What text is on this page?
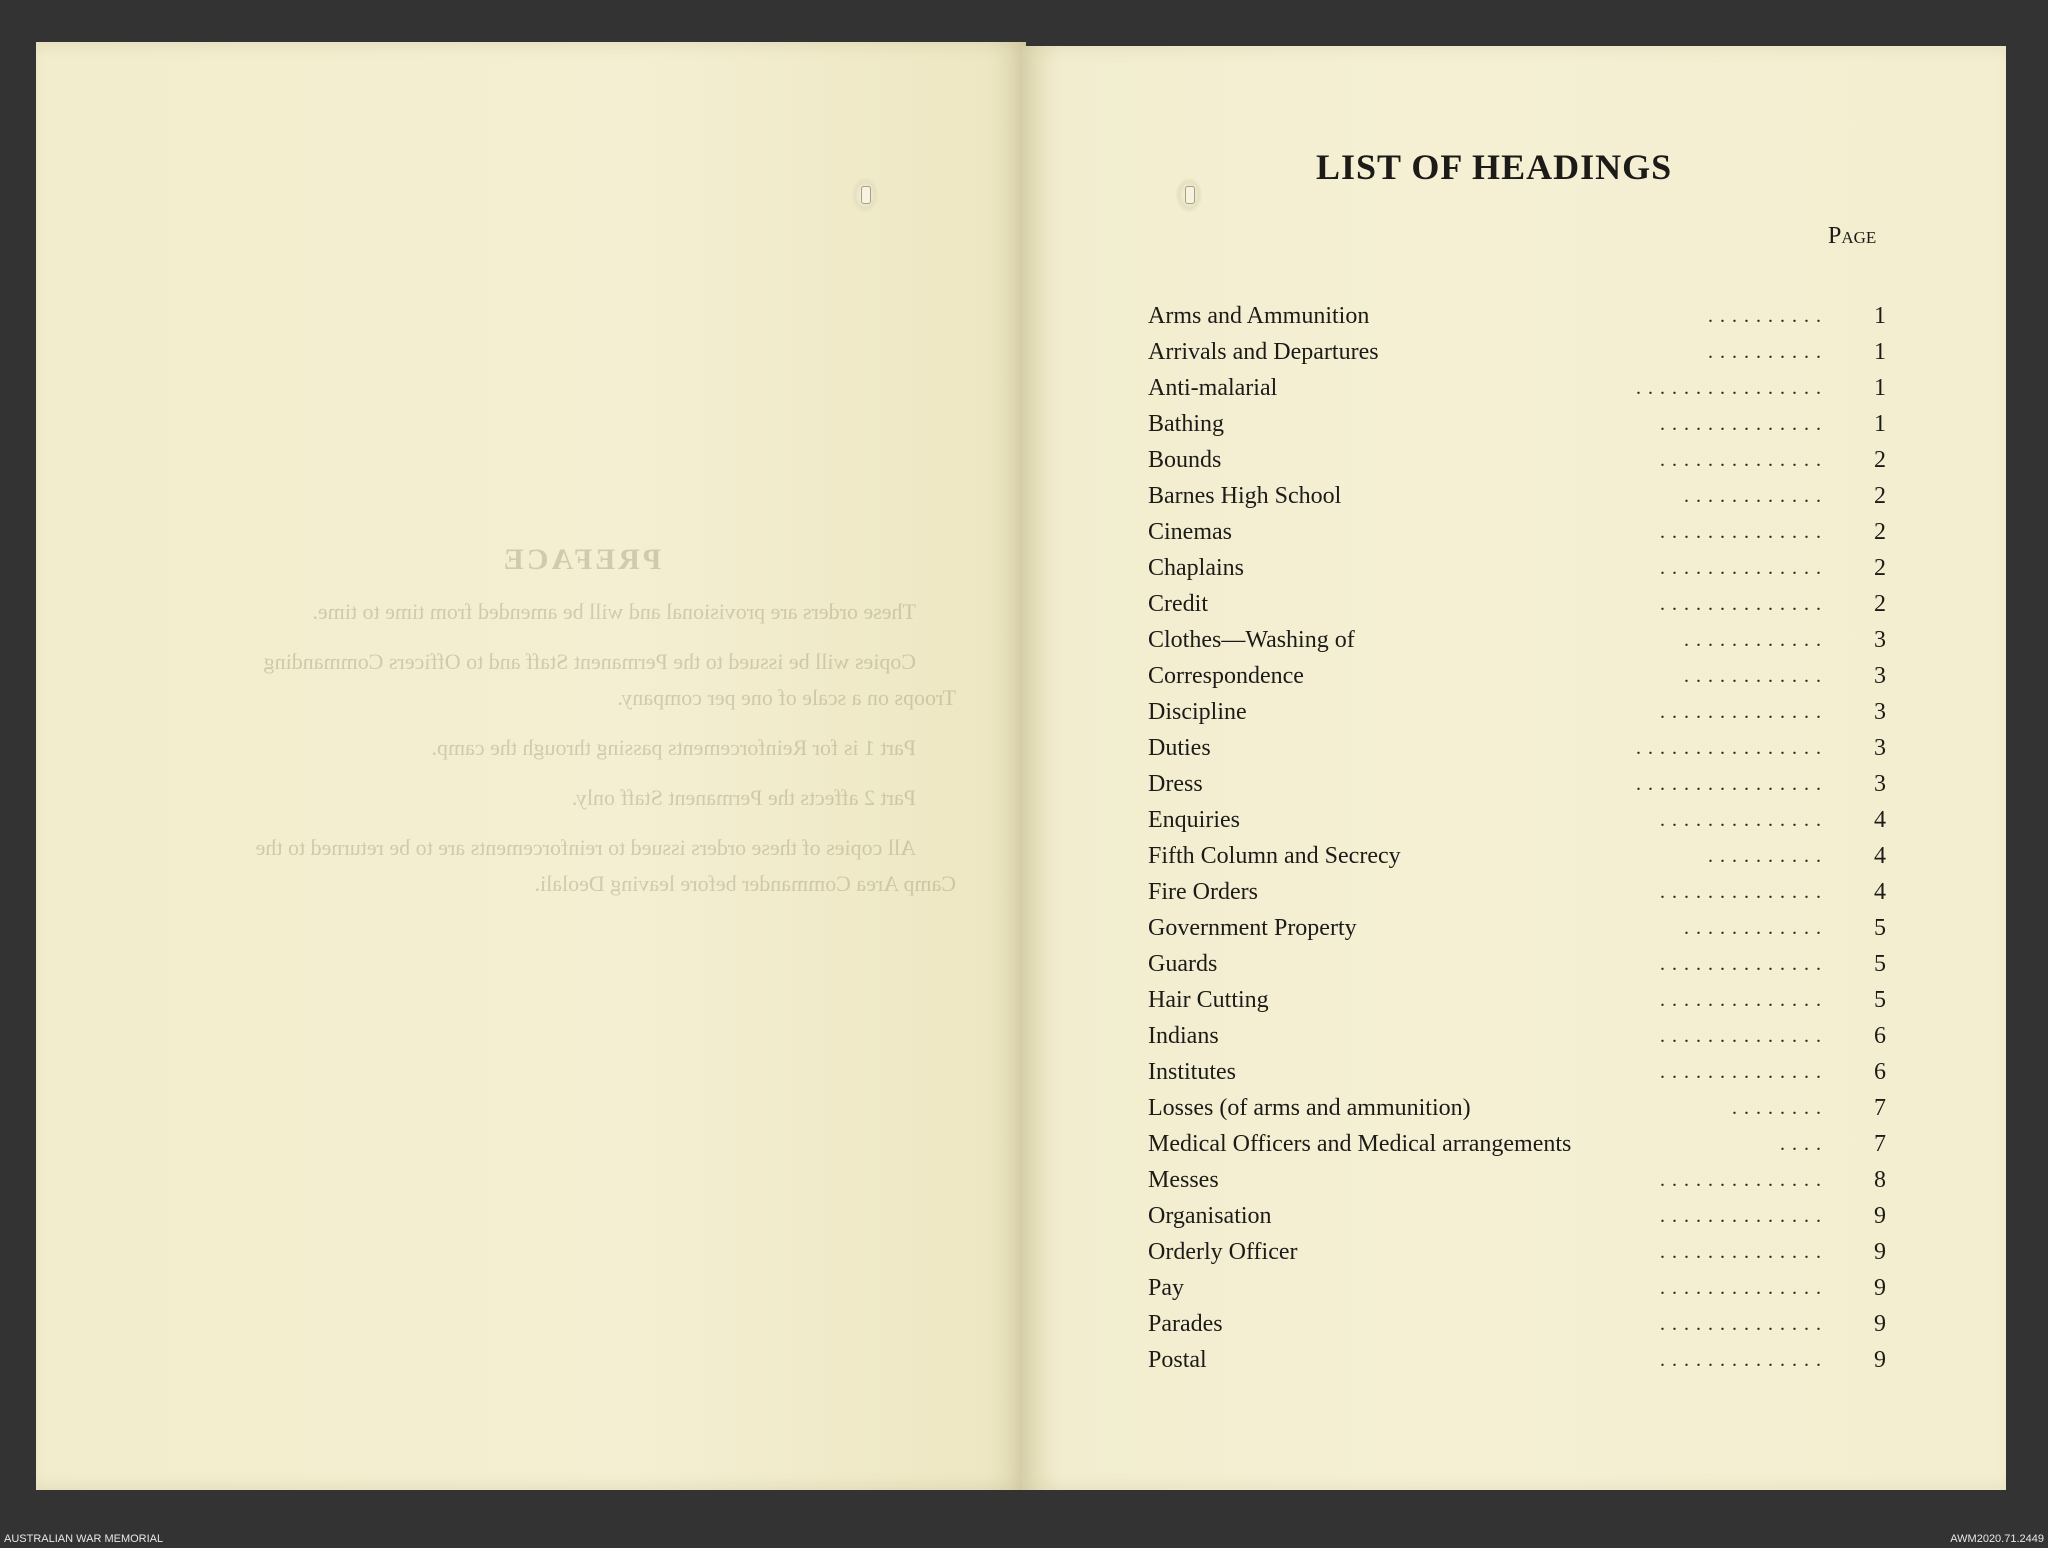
PREFACE

These orders are provisional and will be amended from time to time.

Copies will be issued to the Permanent Staff and to Officers Commanding Troops on a scale of one per company.

Part 1 is for Reinforcements passing through the camp.

Part 2 affects the Permanent Staff only.

All copies of these orders issued to reinforcements are to be returned to the Camp Area Commander before leaving Deolali.

LIST OF HEADINGS
Page
Arms and Ammunition	. . . . . . . . . .	1
Arrivals and Departures	. . . . . . . . . .	1
Anti-malarial	. . . . . . . . . . . . . . . .	1
Bathing	. . . . . . . . . . . . . .	1
Bounds	. . . . . . . . . . . . . .	2
Barnes High School	. . . . . . . . . . . .	2
Cinemas	. . . . . . . . . . . . . .	2
Chaplains	. . . . . . . . . . . . . .	2
Credit	. . . . . . . . . . . . . .	2
Clothes—Washing of	. . . . . . . . . . . .	3
Correspondence	. . . . . . . . . . . .	3
Discipline	. . . . . . . . . . . . . .	3
Duties	. . . . . . . . . . . . . . . .	3
Dress	. . . . . . . . . . . . . . . .	3
Enquiries	. . . . . . . . . . . . . .	4
Fifth Column and Secrecy	. . . . . . . . . .	4
Fire Orders	. . . . . . . . . . . . . .	4
Government Property	. . . . . . . . . . . .	5
Guards	. . . . . . . . . . . . . .	5
Hair Cutting	. . . . . . . . . . . . . .	5
Indians	. . . . . . . . . . . . . .	6
Institutes	. . . . . . . . . . . . . .	6
Losses (of arms and ammunition)	. . . . . . . .	7
Medical Officers and Medical arrangements	. . . .	7
Messes	. . . . . . . . . . . . . .	8
Organisation	. . . . . . . . . . . . . .	9
Orderly Officer	. . . . . . . . . . . . . .	9
Pay	. . . . . . . . . . . . . .	9
Parades	. . . . . . . . . . . . . .	9
Postal	. . . . . . . . . . . . . .	9
AUSTRALIAN WAR MEMORIAL	AWM2020.71.2449
